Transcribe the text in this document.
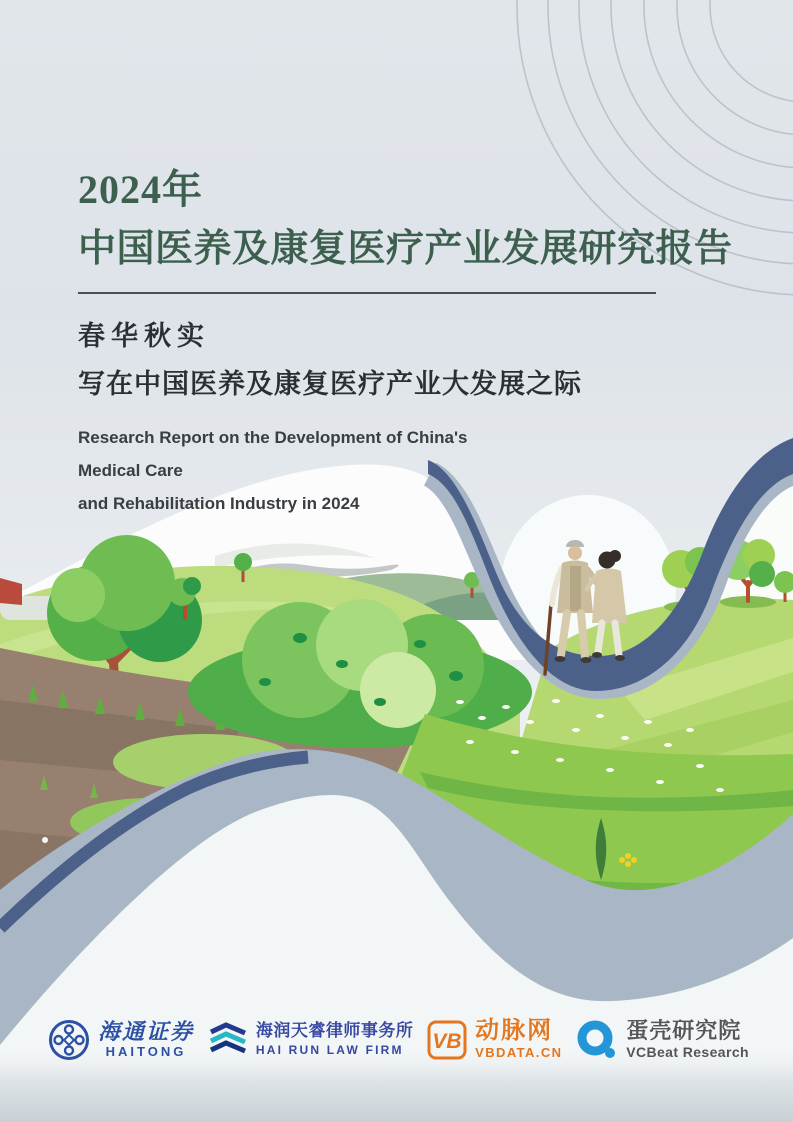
2024年
中国医养及康复医疗产业发展研究报告
春华秋实
写在中国医养及康复医疗产业大发展之际
Research Report on the Development of China's Medical Care
and Rehabilitation Industry in 2024
海通证券
HAITONG
海润天睿律师事务所
HAI RUN LAW FIRM	VB 动脉网
VBDATA.CN
蛋壳研究院
VCBeat Research
